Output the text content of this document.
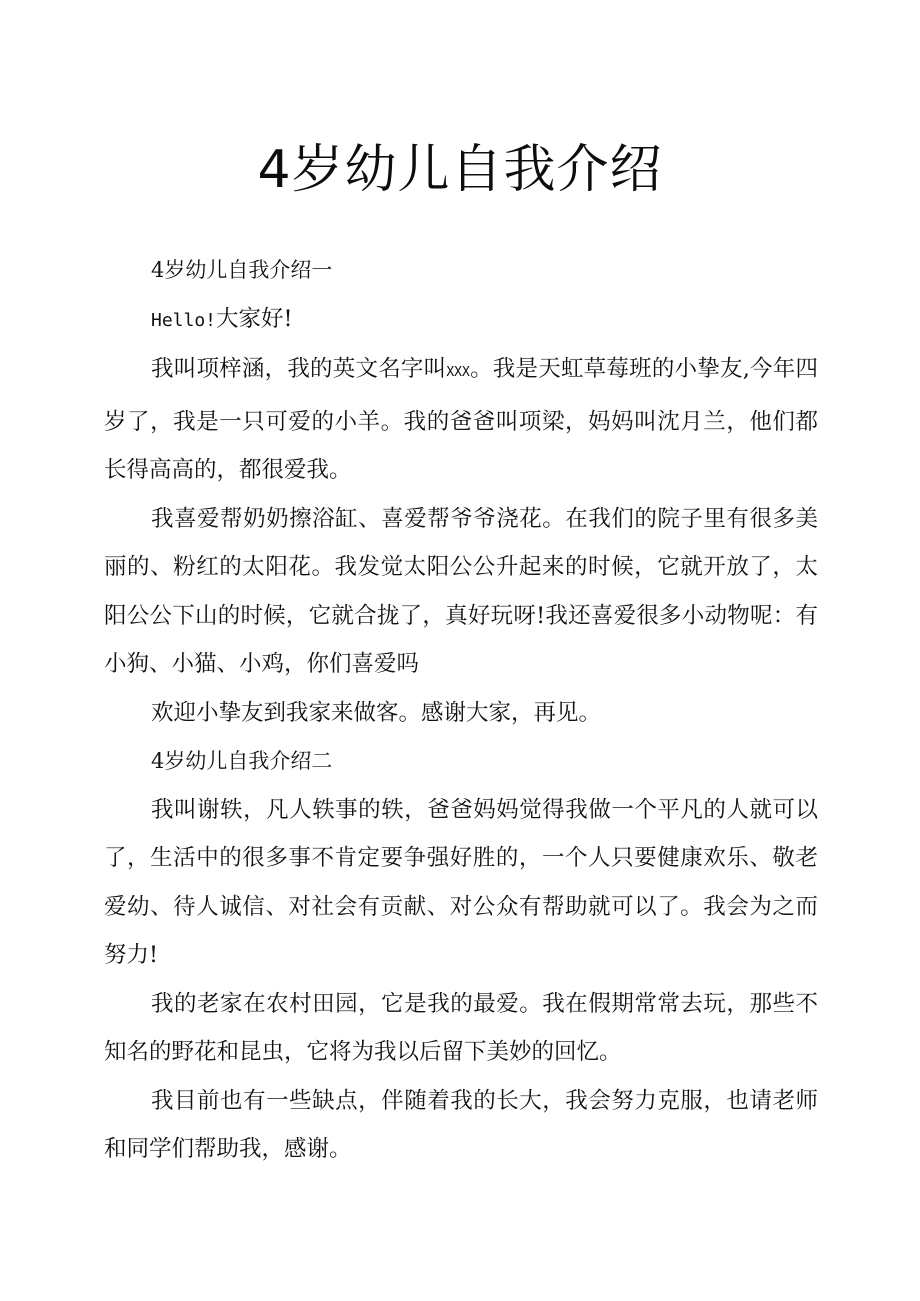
4岁幼儿自我介绍

4岁幼儿自我介绍一

Hello!大家好!

我叫项梓涵，我的英文名字叫XXX。我是天虹草莓班的小挚友,今年四岁了，我是一只可爱的小羊。我的爸爸叫项梁，妈妈叫沈月兰，他们都长得高高的，都很爱我。

我喜爱帮奶奶擦浴缸、喜爱帮爷爷浇花。在我们的院子里有很多美丽的、粉红的太阳花。我发觉太阳公公升起来的时候，它就开放了，太阳公公下山的时候，它就合拢了，真好玩呀!我还喜爱很多小动物呢：有小狗、小猫、小鸡，你们喜爱吗

欢迎小挚友到我家来做客。感谢大家，再见。

4岁幼儿自我介绍二

我叫谢轶，凡人轶事的轶，爸爸妈妈觉得我做一个平凡的人就可以了，生活中的很多事不肯定要争强好胜的，一个人只要健康欢乐、敬老爱幼、待人诚信、对社会有贡献、对公众有帮助就可以了。我会为之而努力!

我的老家在农村田园，它是我的最爱。我在假期常常去玩，那些不知名的野花和昆虫，它将为我以后留下美妙的回忆。

我目前也有一些缺点，伴随着我的长大，我会努力克服，也请老师和同学们帮助我，感谢。
